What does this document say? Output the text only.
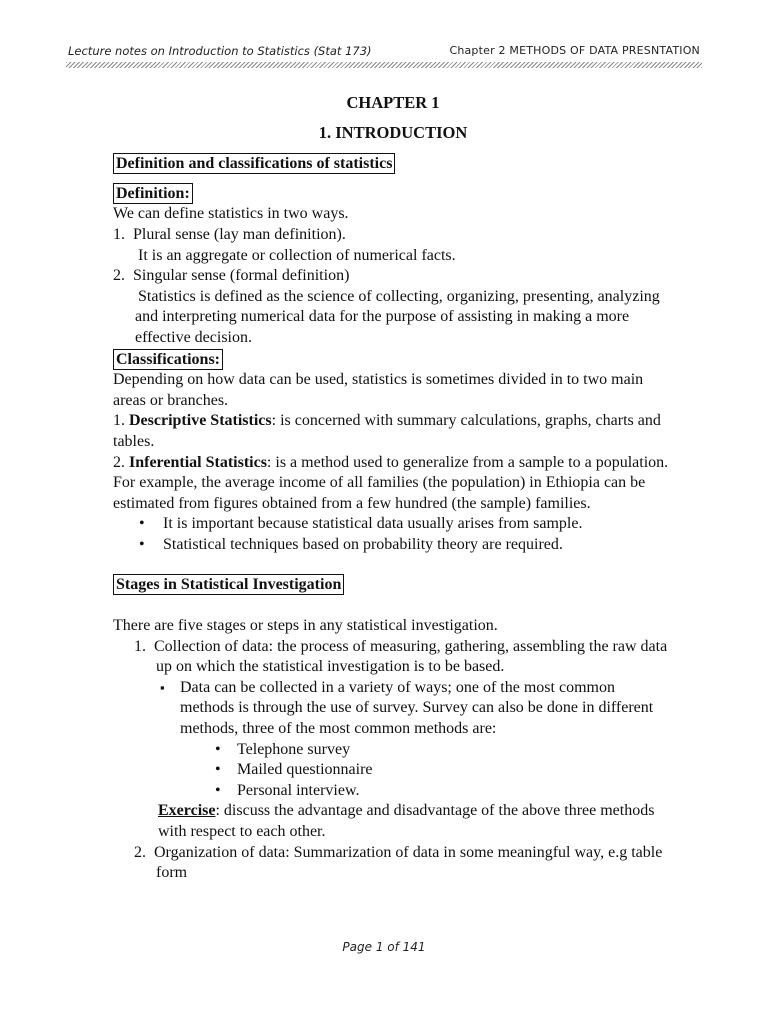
Lecture notes on Introduction to Statistics (Stat 173)	Chapter 2 METHODS OF DATA PRESNTATION
CHAPTER 1
1. INTRODUCTION
Definition and classifications of statistics
Definition:

We can define statistics in two ways.

1. Plural sense (lay man definition).
It is an aggregate or collection of numerical facts.
2. Singular sense (formal definition)
Statistics is defined as the science of collecting, organizing, presenting, analyzing and interpreting numerical data for the purpose of assisting in making a more effective decision.
Classifications:

Depending on how data can be used, statistics is sometimes divided in to two main areas or branches.

1. Descriptive Statistics: is concerned with summary calculations, graphs, charts and tables.

2. Inferential Statistics: is a method used to generalize from a sample to a population. For example, the average income of all families (the population) in Ethiopia can be estimated from figures obtained from a few hundred (the sample) families.

• It is important because statistical data usually arises from sample.
• Statistical techniques based on probability theory are required.
Stages in Statistical Investigation

There are five stages or steps in any statistical investigation.

1. Collection of data: the process of measuring, gathering, assembling the raw data up on which the statistical investigation is to be based.
▪ Data can be collected in a variety of ways; one of the most common methods is through the use of survey. Survey can also be done in different methods, three of the most common methods are:
• Telephone survey
• Mailed questionnaire
• Personal interview.

Exercise: discuss the advantage and disadvantage of the above three methods with respect to each other.

2. Organization of data: Summarization of data in some meaningful way, e.g table form
Page 1 of 141
